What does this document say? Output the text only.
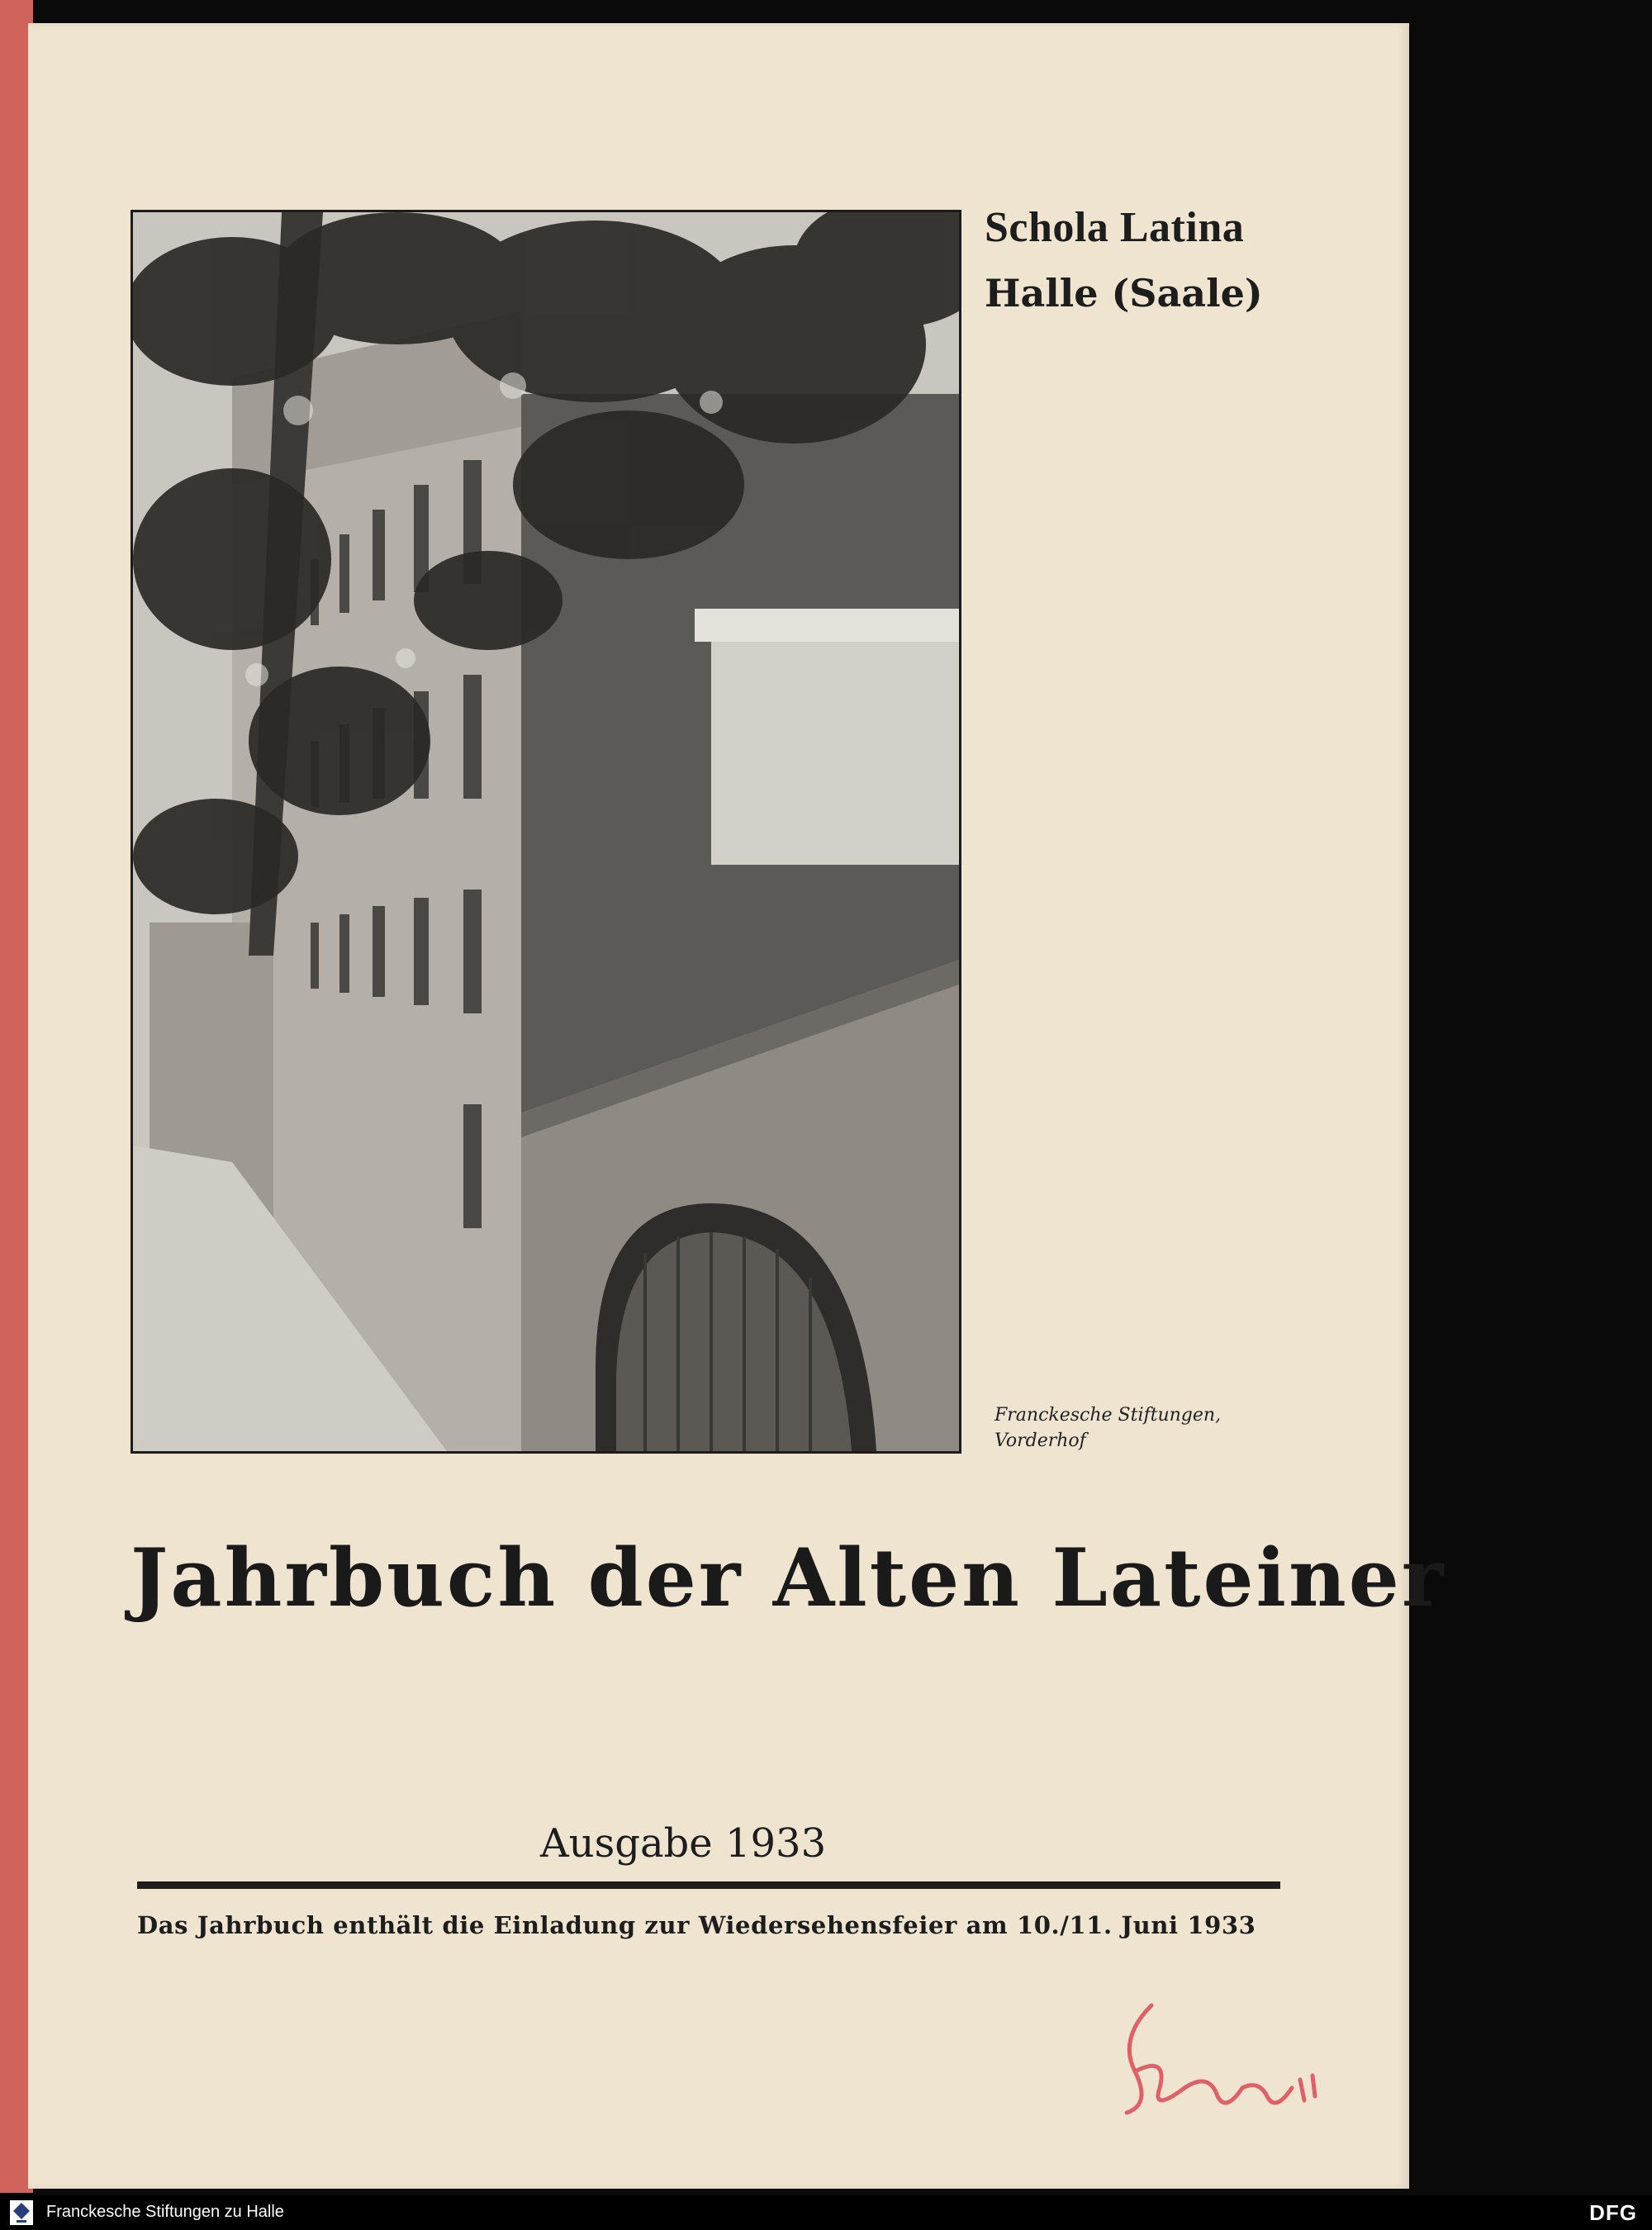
Schola Latina
Halle (Saale)
Franckesche Stiftungen,
Vorderhof
Jahrbuch der Alten Lateiner
Ausgabe 1933
Das Jahrbuch enthält die Einladung zur Wiedersehensfeier am 10./11. Juni 1933
Franckesche Stiftungen zu Halle	DFG
